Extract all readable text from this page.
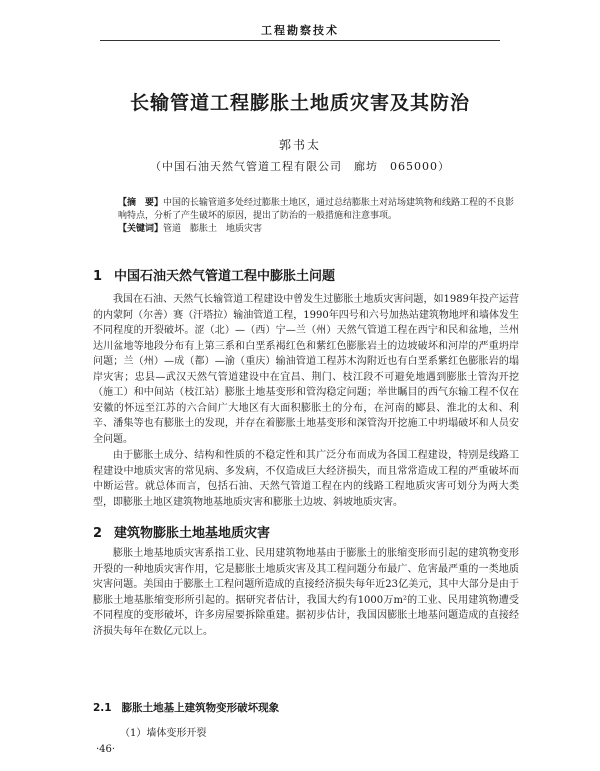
工程勘察技术
长输管道工程膨胀土地质灾害及其防治
郭书太
（中国石油天然气管道工程有限公司　廊坊　065000）
【摘　要】中国的长输管道多处经过膨胀土地区，通过总结膨胀土对站场建筑物和线路工程的不良影响特点，分析了产生破坏的原因，提出了防治的一般措施和注意事项。
【关键词】管道　膨胀土　地质灾害
1 中国石油天然气管道工程中膨胀土问题

我国在石油、天然气长输管道工程建设中曾发生过膨胀土地质灾害问题，如1989年投产运营的内蒙阿（尔善）赛（汗塔拉）输油管道工程，1990年四号和六号加热站建筑物地坪和墙体发生不同程度的开裂破坏。涩（北）—（西）宁—兰（州）天然气管道工程在西宁和民和盆地，兰州达川盆地等地段分布有上第三系和白垩系褐红色和紫红色膨胀岩土的边坡破坏和河岸的严重坍岸问题；兰（州）—成（都）—渝（重庆）输油管道工程苏木沟附近也有白垩系紫红色膨胀岩的塌岸灾害；忠县—武汉天然气管道建设中在宜昌、荆门、枝江段不可避免地遇到膨胀土管沟开挖（施工）和中间站（枝江站）膨胀土地基变形和管沟稳定问题；举世瞩目的西气东输工程不仅在安徽的怀远至江苏的六合间广大地区有大面积膨胀土的分布，在河南的郾县、淮北的太和、利辛、潘集等也有膨胀土的发现，并存在着膨胀土地基变形和深管沟开挖施工中坍塌破坏和人员安全问题。

由于膨胀土成分、结构和性质的不稳定性和其广泛分布而成为各国工程建设，特别是线路工程建设中地质灾害的常见病、多发病，不仅造成巨大经济损失，而且常常造成工程的严重破坏而中断运营。就总体而言，包括石油、天然气管道工程在内的线路工程地质灾害可划分为两大类型，即膨胀土地区建筑物地基地质灾害和膨胀土边坡、斜坡地质灾害。

2 建筑物膨胀土地基地质灾害

膨胀土地基地质灾害系指工业、民用建筑物地基由于膨胀土的胀缩变形而引起的建筑物变形开裂的一种地质灾害作用，它是膨胀土地质灾害及其工程问题分布最广、危害最严重的一类地质灾害问题。美国由于膨胀土工程问题所造成的直接经济损失每年近23亿美元，其中大部分是由于膨胀土地基胀缩变形所引起的。据研究者估计，我国大约有1000万m²的工业、民用建筑物遭受不同程度的变形破坏，许多房屋要拆除重建。据初步估计，我国因膨胀土地基问题造成的直接经济损失每年在数亿元以上。

2.1 膨胀土地基上建筑物变形破坏现象
（1）墙体变形开裂
·46·
